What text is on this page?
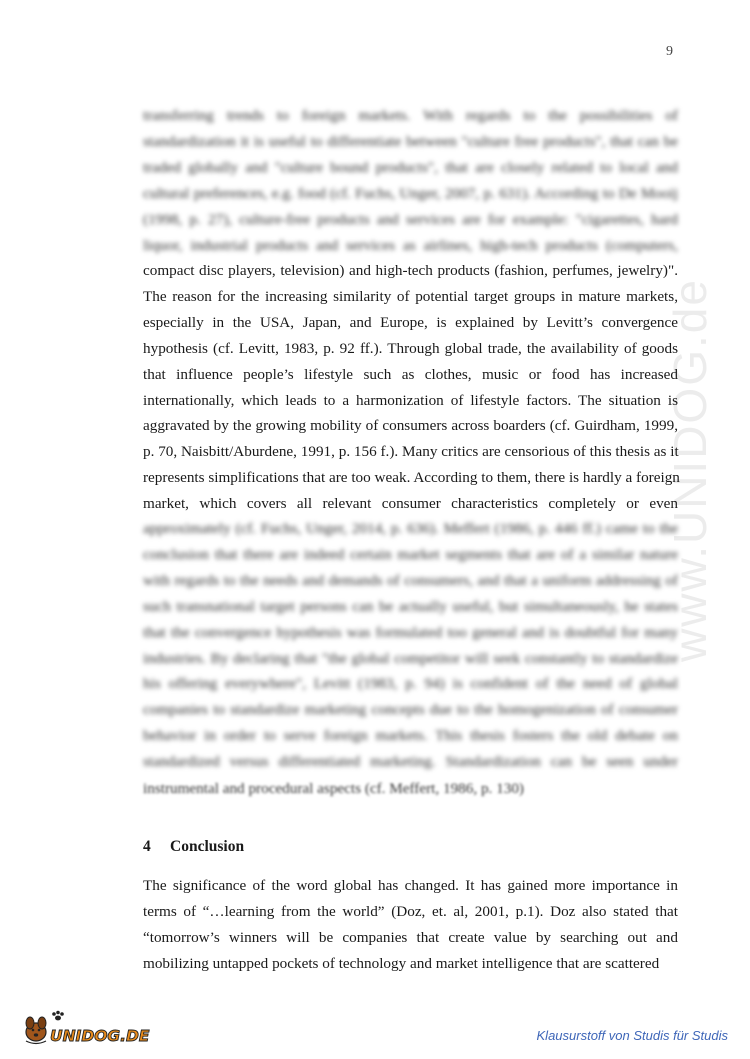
9
www.UNIDOG.de
transferring trends to foreign markets. With regards to the possibilities of
standardization it is useful to differentiate between "culture free products", that can be
traded globally and "culture bound products", that are closely related to local and
cultural preferences, e.g. food (cf. Fuchs, Unger, 2007, p. 631). According to De Mooij
(1998, p. 27), culture-free products and services are for example: "cigarettes, hard
liquor, industrial products and services as airlines, high-tech products (computers,
compact disc players, television) and high-tech products (fashion, perfumes, jewelry)".
The reason for the increasing similarity of potential target groups in mature markets,
especially in the USA, Japan, and Europe, is explained by Levitt’s convergence
hypothesis (cf. Levitt, 1983, p. 92 ff.). Through global trade, the availability of goods
that influence people’s lifestyle such as clothes, music or food has increased
internationally, which leads to a harmonization of lifestyle factors. The situation is
aggravated by the growing mobility of consumers across boarders (cf. Guirdham, 1999,
p. 70, Naisbitt/Aburdene, 1991, p. 156 f.). Many critics are censorious of this thesis as it
represents simplifications that are too weak. According to them, there is hardly a foreign
market, which covers all relevant consumer characteristics completely or even
approximately (cf. Fuchs, Unger, 2014, p. 636). Meffert (1986, p. 446 ff.) came to the
conclusion that there are indeed certain market segments that are of a similar nature
with regards to the needs and demands of consumers, and that a uniform addressing of
such transnational target persons can be actually useful, but simultaneously, he states
that the convergence hypothesis was formulated too general and is doubtful for many
industries. By declaring that "the global competitor will seek constantly to standardize
his offering everywhere", Levitt (1983, p. 94) is confident of the need of global
companies to standardize marketing concepts due to the homogenization of consumer
behavior in order to serve foreign markets. This thesis fosters the old debate on
standardized versus differentiated marketing. Standardization can be seen under
instrumental and procedural aspects (cf. Meffert, 1986, p. 130)
4 Conclusion
The significance of the word global has changed. It has gained more importance in
terms of “…learning from the world” (Doz, et. al, 2001, p.1). Doz also stated that
“tomorrow’s winners will be companies that create value by searching out and
mobilizing untapped pockets of technology and market intelligence that are scattered
UNIDOG.DE	Klausurstoff von Studis für Studis
